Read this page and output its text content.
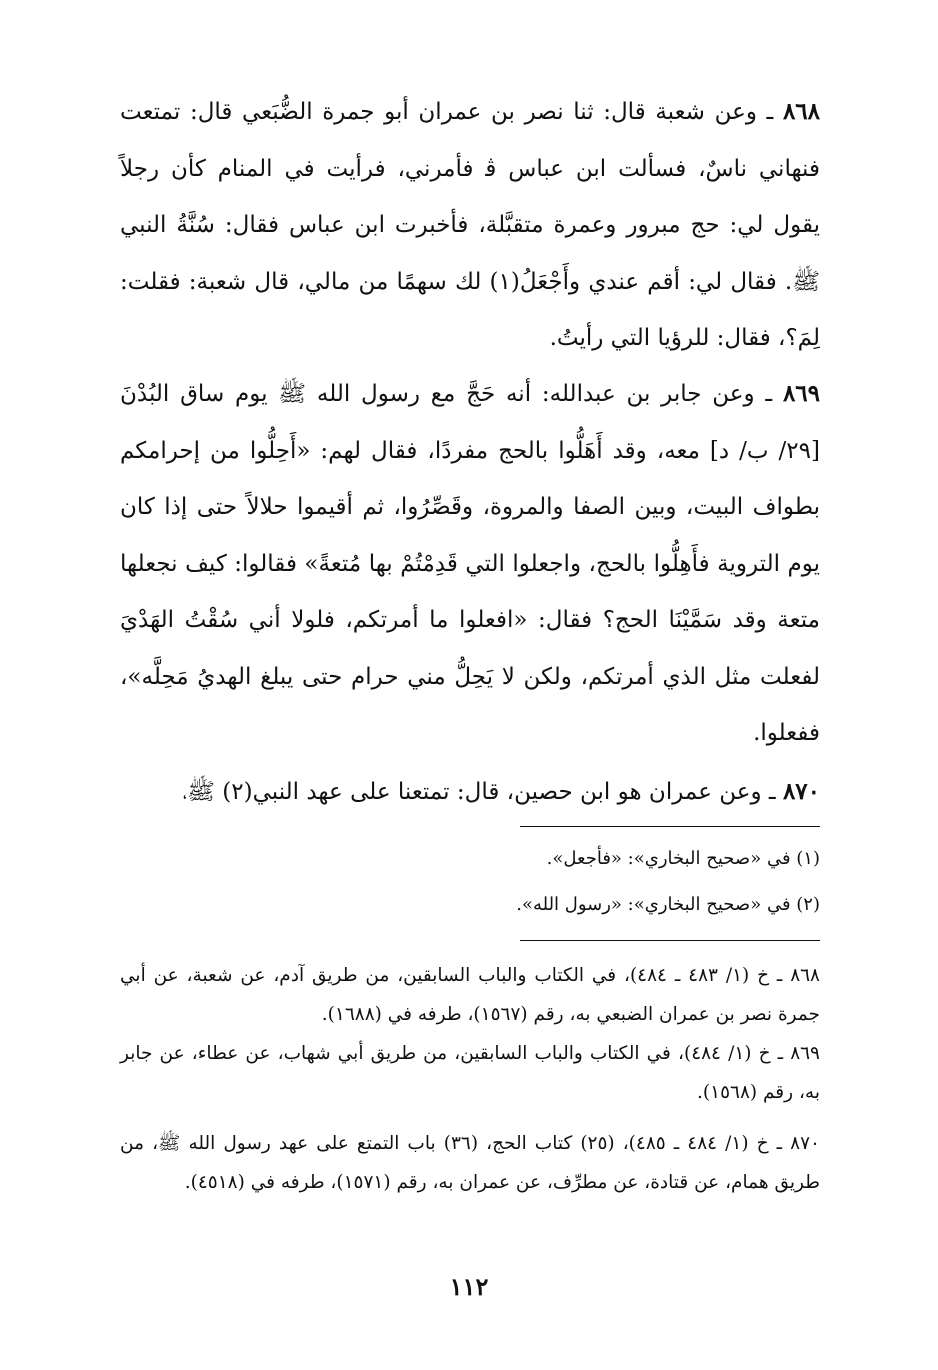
٨٦٨ ـ وعن شعبة قال: ثنا نصر بن عمران أبو جمرة الضُّبَعي قال: تمتعت فنهاني ناسٌ، فسألت ابن عباس ﭬ فأمرني، فرأيت في المنام كأن رجلاً يقول لي: حج مبرور وعمرة متقبَّلة، فأخبرت ابن عباس فقال: سُنَّةُ النبي ﷺ. فقال لي: أقم عندي وأَجْعَلُ(١) لك سهمًا من مالي، قال شعبة: فقلت: لِمَ؟، فقال: للرؤيا التي رأيتُ.

٨٦٩ ـ وعن جابر بن عبدالله: أنه حَجَّ مع رسول الله ﷺ يوم ساق البُدْنَ [٢٩/ ب/ د] معه، وقد أَهَلُّوا بالحج مفردًا، فقال لهم: «أَحِلُّوا من إحرامكم بطواف البيت، وبين الصفا والمروة، وقَصِّرُوا، ثم أقيموا حلالاً حتى إذا كان يوم التروية فأَهِلُّوا بالحج، واجعلوا التي قَدِمْتُمْ بها مُتعةً» فقالوا: كيف نجعلها متعة وقد سَمَّيْنَا الحج؟ فقال: «افعلوا ما أمرتكم، فلولا أني سُقْتُ الهَدْيَ لفعلت مثل الذي أمرتكم، ولكن لا يَحِلُّ مني حرام حتى يبلغ الهديُ مَحِلَّه»، ففعلوا.

٨٧٠ ـ وعن عمران هو ابن حصين، قال: تمتعنا على عهد النبي(٢) ﷺ،

(١) في «صحيح البخاري»: «فأجعل».

(٢) في «صحيح البخاري»: «رسول الله».

٨٦٨ ـ خ (١/ ٤٨٣ ـ ٤٨٤)، في الكتاب والباب السابقين، من طريق آدم، عن شعبة، عن أبي جمرة نصر بن عمران الضبعي به، رقم (١٥٦٧)، طرفه في (١٦٨٨).

٨٦٩ ـ خ (١/ ٤٨٤)، في الكتاب والباب السابقين، من طريق أبي شهاب، عن عطاء، عن جابر به، رقم (١٥٦٨).

٨٧٠ ـ خ (١/ ٤٨٤ ـ ٤٨٥)، (٢٥) كتاب الحج، (٣٦) باب التمتع على عهد رسول الله ﷺ، من طريق همام، عن قتادة، عن مطرِّف، عن عمران به، رقم (١٥٧١)، طرفه في (٤٥١٨).

١١٢
